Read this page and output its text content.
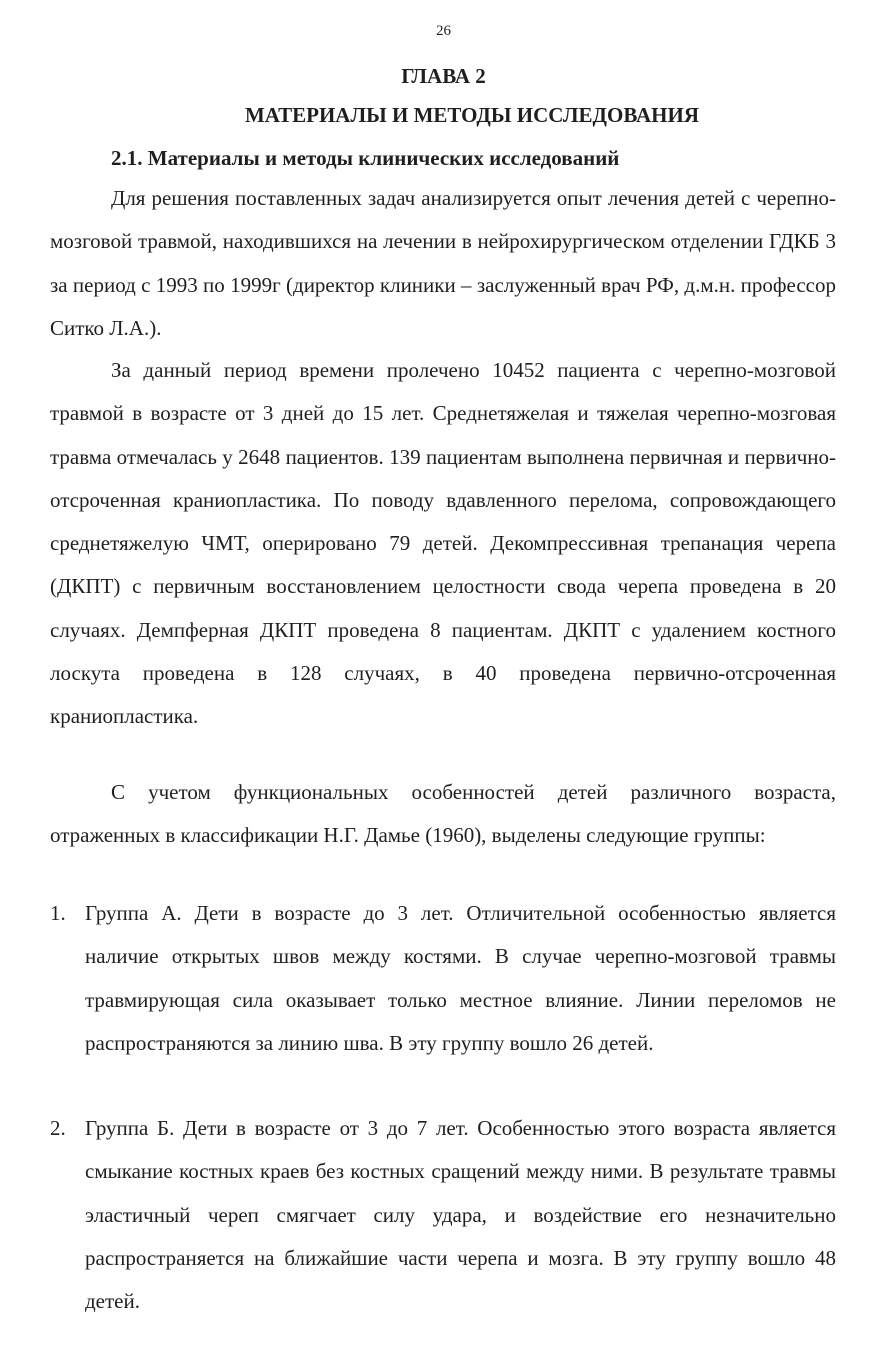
26
ГЛАВА 2
МАТЕРИАЛЫ И МЕТОДЫ ИССЛЕДОВАНИЯ
2.1. Материалы и методы клинических исследований

Для решения поставленных задач анализируется опыт лечения детей с черепно-мозговой травмой, находившихся на лечении в нейрохирургическом отделении ГДКБ 3 за период с 1993 по 1999г (директор клиники – заслуженный врач РФ, д.м.н. профессор Ситко Л.А.).

За данный период времени пролечено 10452 пациента с черепно-мозговой травмой в возрасте от 3 дней до 15 лет. Среднетяжелая и тяжелая черепно-мозговая травма отмечалась у 2648 пациентов. 139 пациентам выполнена первичная и первично-отсроченная краниопластика. По поводу вдавленного перелома, сопровождающего среднетяжелую ЧМТ, оперировано 79 детей. Декомпрессивная трепанация черепа (ДКПТ) с первичным восстановлением целостности свода черепа проведена в 20 случаях. Демпферная ДКПТ проведена 8 пациентам. ДКПТ с удалением костного лоскута проведена в 128 случаях, в 40 проведена первично-отсроченная краниопластика.

С учетом функциональных особенностей детей различного возраста, отраженных в классификации Н.Г. Дамье (1960), выделены следующие группы:

1. Группа А. Дети в возрасте до 3 лет. Отличительной особенностью является наличие открытых швов между костями. В случае черепно-мозговой травмы травмирующая сила оказывает только местное влияние. Линии переломов не распространяются за линию шва. В эту группу вошло 26 детей.
2. Группа Б. Дети в возрасте от 3 до 7 лет. Особенностью этого возраста является смыкание костных краев без костных сращений между ними. В результате травмы эластичный череп смягчает силу удара, и воздействие его незначительно распространяется на ближайшие части черепа и мозга. В эту группу вошло 48 детей.
